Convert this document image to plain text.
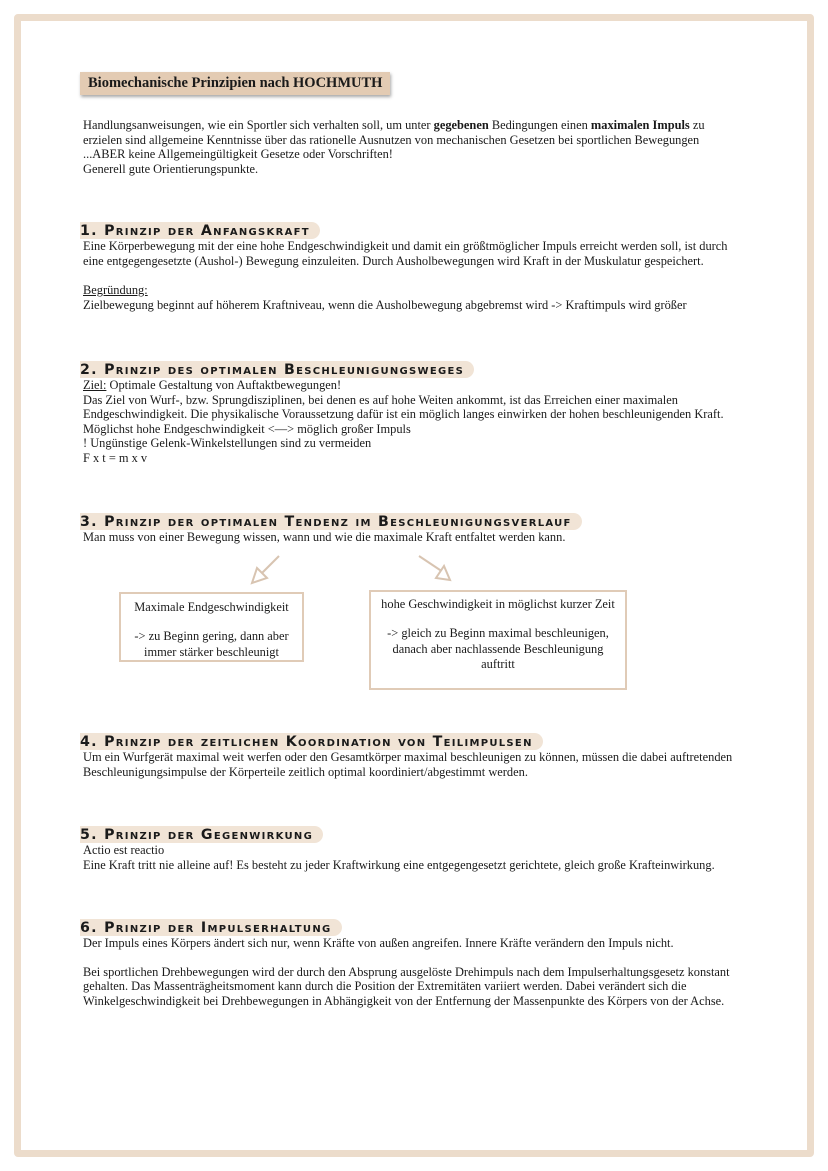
Biomechanische Prinzipien nach HOCHMUTH

Handlungsanweisungen, wie ein Sportler sich verhalten soll, um unter gegebenen Bedingungen einen maximalen Impuls zu erzielen sind allgemeine Kenntnisse über das rationelle Ausnutzen von mechanischen Gesetzen bei sportlichen Bewegungen

...ABER keine Allgemeingültigkeit Gesetze oder Vorschriften!

Generell gute Orientierungspunkte.

1. Prinzip der Anfangskraft

Eine Körperbewegung mit der eine hohe Endgeschwindigkeit und damit ein größtmöglicher Impuls erreicht werden soll, ist durch eine entgegengesetzte (Aushol-) Bewegung einzuleiten. Durch Ausholbewegungen wird Kraft in der Muskulatur gespeichert.

Begründung:

Zielbewegung beginnt auf höherem Kraftniveau, wenn die Ausholbewegung abgebremst wird -> Kraftimpuls wird größer

2. Prinzip des optimalen Beschleunigungsweges

Ziel: Optimale Gestaltung von Auftaktbewegungen!

Das Ziel von Wurf-, bzw. Sprungdisziplinen, bei denen es auf hohe Weiten ankommt, ist das Erreichen einer maximalen Endgeschwindigkeit. Die physikalische Voraussetzung dafür ist ein möglich langes einwirken der hohen beschleunigenden Kraft.

Möglichst hohe Endgeschwindigkeit <—> möglich großer Impuls

! Ungünstige Gelenk-Winkelstellungen sind zu vermeiden

F x t = m x v

3. Prinzip der optimalen Tendenz im Beschleunigungsverlauf

Man muss von einer Bewegung wissen, wann und wie die maximale Kraft entfaltet werden kann.

Maximale Endgeschwindigkeit
-> zu Beginn gering, dann aber immer stärker beschleunigt
hohe Geschwindigkeit in möglichst kurzer Zeit
-> gleich zu Beginn maximal beschleunigen, danach aber nachlassende Beschleunigung auftritt
4. Prinzip der zeitlichen Koordination von Teilimpulsen

Um ein Wurfgerät maximal weit werfen oder den Gesamtkörper maximal beschleunigen zu können, müssen die dabei auftretenden Beschleunigungsimpulse der Körperteile zeitlich optimal koordiniert/abgestimmt werden.

5. Prinzip der Gegenwirkung

Actio est reactio

Eine Kraft tritt nie alleine auf! Es besteht zu jeder Kraftwirkung eine entgegengesetzt gerichtete, gleich große Krafteinwirkung.

6. Prinzip der Impulserhaltung

Der Impuls eines Körpers ändert sich nur, wenn Kräfte von außen angreifen. Innere Kräfte verändern den Impuls nicht.

Bei sportlichen Drehbewegungen wird der durch den Absprung ausgelöste Drehimpuls nach dem Impulserhaltungsgesetz konstant gehalten. Das Massenträgheitsmoment kann durch die Position der Extremitäten variiert werden. Dabei verändert sich die Winkelgeschwindigkeit bei Drehbewegungen in Abhängigkeit von der Entfernung der Massenpunkte des Körpers von der Achse.
